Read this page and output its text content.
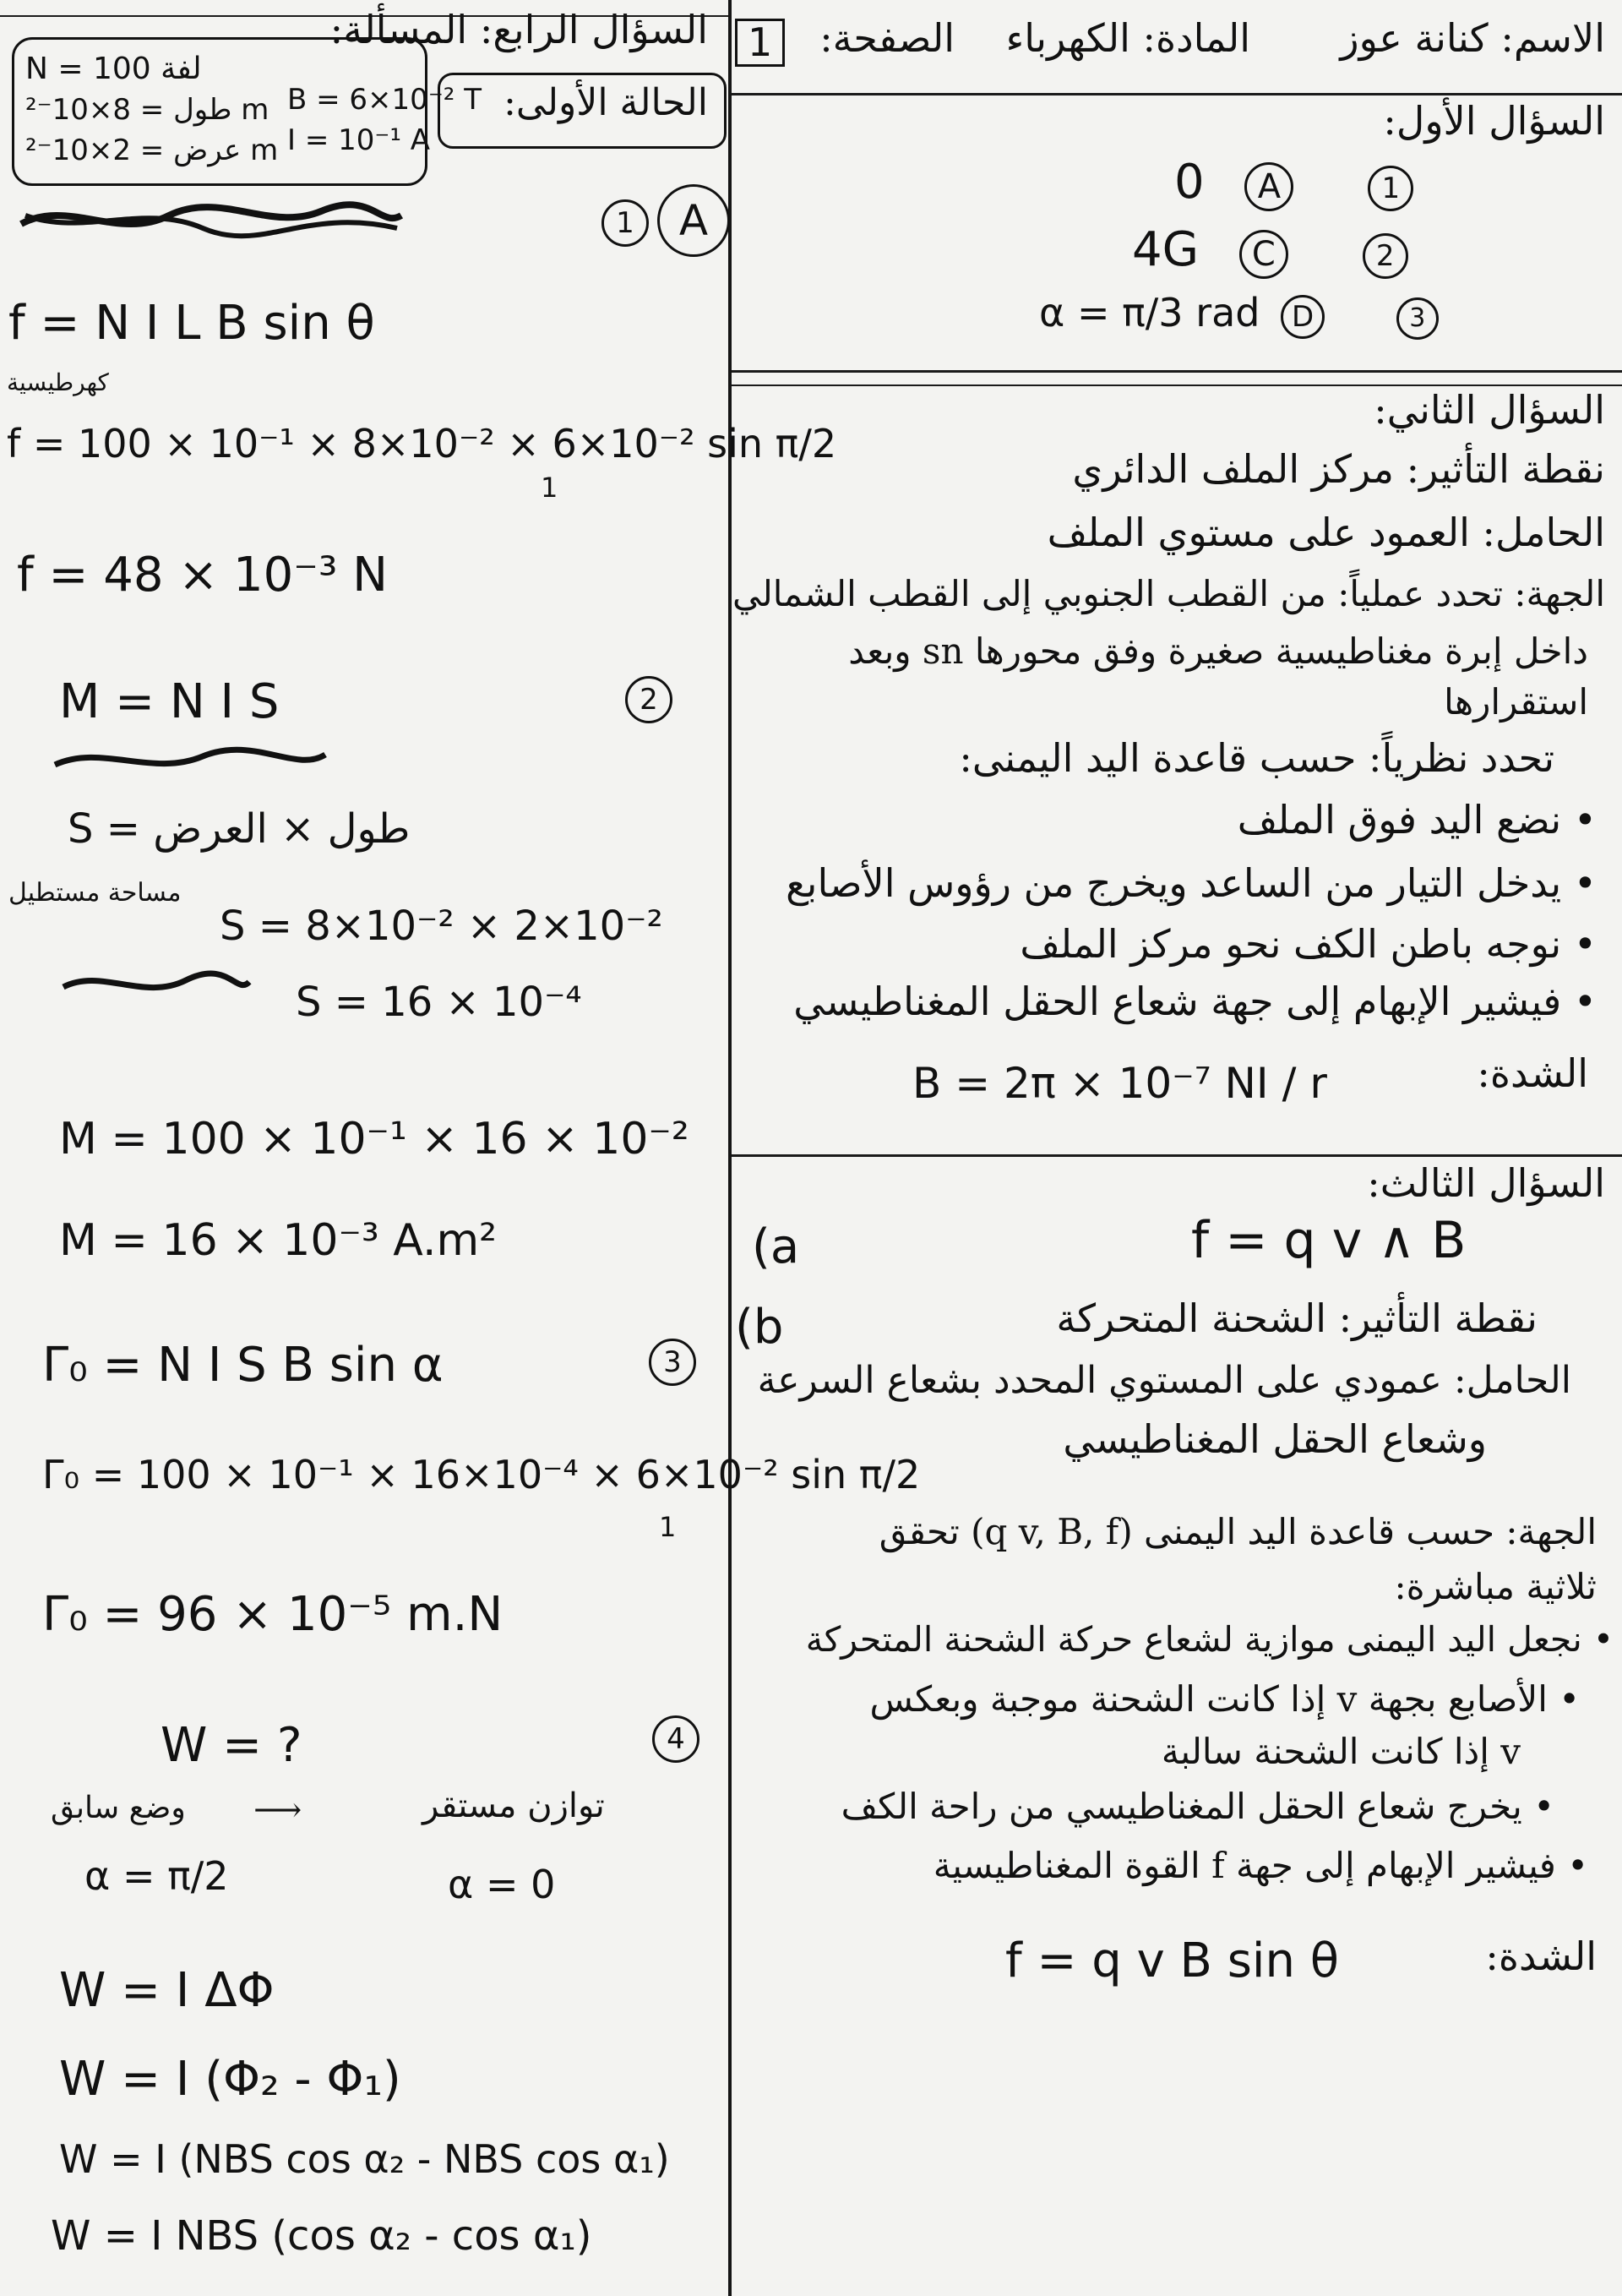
الاسم: كنانة عوز
المادة: الكهرباء
الصفحة:
1
السؤال الأول:
0 A	1
4G C	2
α = π/3 rad D	3
السؤال الثاني:
نقطة التأثير: مركز الملف الدائري
الحامل: العمود على مستوي الملف
الجهة: تحدد عملياً: من القطب الجنوبي إلى القطب الشمالي
داخل إبرة مغناطيسية صغيرة وفق محورها sn وبعد
استقرارها
تحدد نظرياً: حسب قاعدة اليد اليمنى:
• نضع اليد فوق الملف
• يدخل التيار من الساعد ويخرج من رؤوس الأصابع
• نوجه باطن الكف نحو مركز الملف
• فيشير الإبهام إلى جهة شعاع الحقل المغناطيسي
الشدة:
B = 2π × 10⁻⁷ NI / r
السؤال الثالث:
(a	f = q v ∧ B
(b	نقطة التأثير: الشحنة المتحركة
الحامل: عمودي على المستوي المحدد بشعاع السرعة
وشعاع الحقل المغناطيسي
الجهة: حسب قاعدة اليد اليمنى (q v, B, f) تحقق
ثلاثية مباشرة:
• نجعل اليد اليمنى موازية لشعاع حركة الشحنة المتحركة
• الأصابع بجهة v إذا كانت الشحنة موجبة وبعكس
v إذا كانت الشحنة سالبة
• يخرج شعاع الحقل المغناطيسي من راحة الكف
• فيشير الإبهام إلى جهة f القوة المغناطيسية
الشدة:
f = q v B sin θ
السؤال الرابع: المسألة:
N = 100 لفة
طول = 8×10⁻² m
عرض = 2×10⁻² m
B = 6×10⁻² T
I = 10⁻¹ A
الحالة الأولى:
1	A
f = N I L B sin θ
كهرطيسية
f = 100 × 10⁻¹ × 8×10⁻² × 6×10⁻² sin π/2
1
f = 48 × 10⁻³ N
2
M = N I S
S = طول × العرض
مساحة مستطيل
S = 8×10⁻² × 2×10⁻²
S = 16 × 10⁻⁴
M = 100 × 10⁻¹ × 16 × 10⁻²
M = 16 × 10⁻³ A.m²
3
Γ₀ = N I S B sin α
Γ₀ = 100 × 10⁻¹ × 16×10⁻⁴ × 6×10⁻² sin π/2
1
Γ₀ = 96 × 10⁻⁵ m.N
4
W = ?
وضع سابق ⟶	توازن مستقر
α = π/2	α = 0
W = I ΔΦ
W = I (Φ₂ - Φ₁)
W = I (NBS cos α₂ - NBS cos α₁)
W = I NBS (cos α₂ - cos α₁)
